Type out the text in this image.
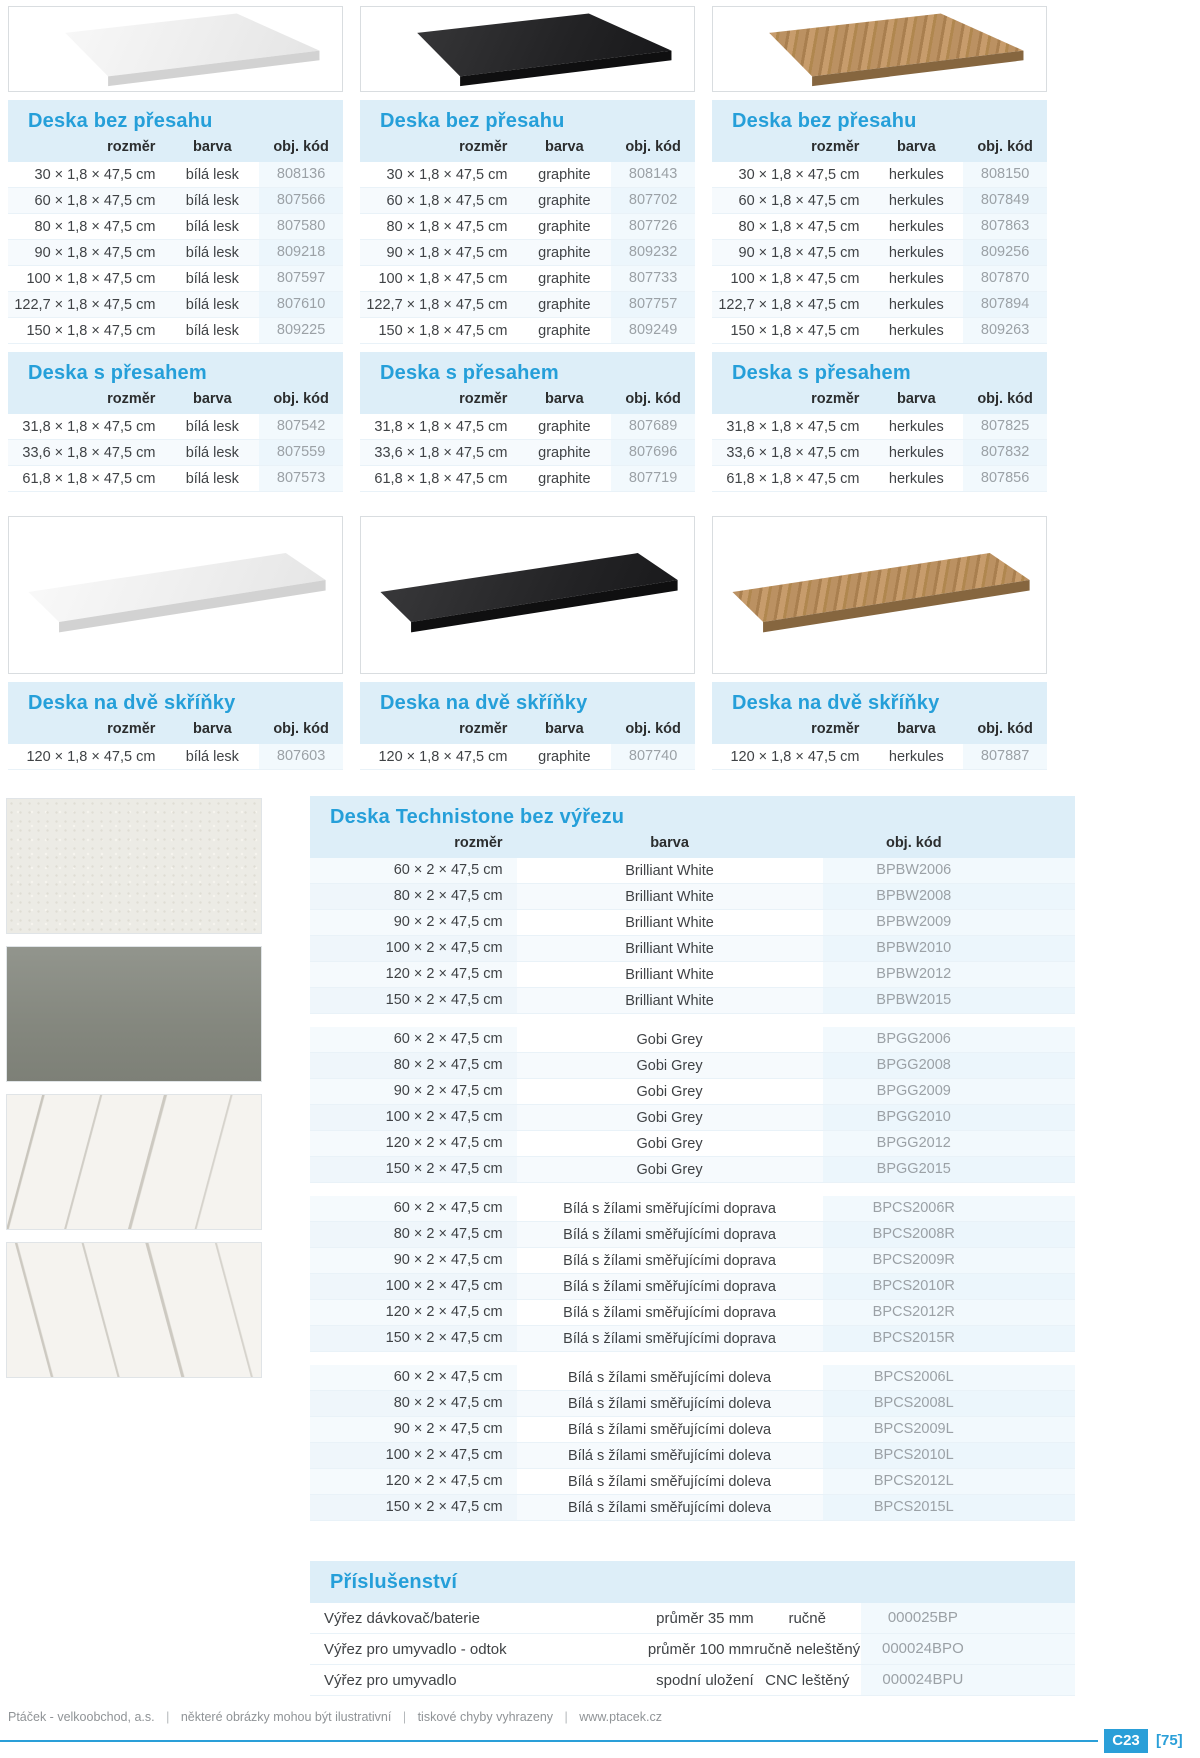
Deska bez přesahu
rozměr	barva	obj. kód
30 × 1,8 × 47,5 cm	bílá lesk	808136
60 × 1,8 × 47,5 cm	bílá lesk	807566
80 × 1,8 × 47,5 cm	bílá lesk	807580
90 × 1,8 × 47,5 cm	bílá lesk	809218
100 × 1,8 × 47,5 cm	bílá lesk	807597
122,7 × 1,8 × 47,5 cm	bílá lesk	807610
150 × 1,8 × 47,5 cm	bílá lesk	809225
Deska s přesahem
rozměr	barva	obj. kód
31,8 × 1,8 × 47,5 cm	bílá lesk	807542
33,6 × 1,8 × 47,5 cm	bílá lesk	807559
61,8 × 1,8 × 47,5 cm	bílá lesk	807573
Deska na dvě skříňky
rozměr	barva	obj. kód
120 × 1,8 × 47,5 cm	bílá lesk	807603
Deska bez přesahu
rozměr	barva	obj. kód
30 × 1,8 × 47,5 cm	graphite	808143
60 × 1,8 × 47,5 cm	graphite	807702
80 × 1,8 × 47,5 cm	graphite	807726
90 × 1,8 × 47,5 cm	graphite	809232
100 × 1,8 × 47,5 cm	graphite	807733
122,7 × 1,8 × 47,5 cm	graphite	807757
150 × 1,8 × 47,5 cm	graphite	809249
Deska s přesahem
rozměr	barva	obj. kód
31,8 × 1,8 × 47,5 cm	graphite	807689
33,6 × 1,8 × 47,5 cm	graphite	807696
61,8 × 1,8 × 47,5 cm	graphite	807719
Deska na dvě skříňky
rozměr	barva	obj. kód
120 × 1,8 × 47,5 cm	graphite	807740
Deska bez přesahu
rozměr	barva	obj. kód
30 × 1,8 × 47,5 cm	herkules	808150
60 × 1,8 × 47,5 cm	herkules	807849
80 × 1,8 × 47,5 cm	herkules	807863
90 × 1,8 × 47,5 cm	herkules	809256
100 × 1,8 × 47,5 cm	herkules	807870
122,7 × 1,8 × 47,5 cm	herkules	807894
150 × 1,8 × 47,5 cm	herkules	809263
Deska s přesahem
rozměr	barva	obj. kód
31,8 × 1,8 × 47,5 cm	herkules	807825
33,6 × 1,8 × 47,5 cm	herkules	807832
61,8 × 1,8 × 47,5 cm	herkules	807856
Deska na dvě skříňky
rozměr	barva	obj. kód
120 × 1,8 × 47,5 cm	herkules	807887
Deska Technistone bez výřezu
rozměr	barva	obj. kód
60 × 2 × 47,5 cm	Brilliant White	BPBW2006
80 × 2 × 47,5 cm	Brilliant White	BPBW2008
90 × 2 × 47,5 cm	Brilliant White	BPBW2009
100 × 2 × 47,5 cm	Brilliant White	BPBW2010
120 × 2 × 47,5 cm	Brilliant White	BPBW2012
150 × 2 × 47,5 cm	Brilliant White	BPBW2015
60 × 2 × 47,5 cm	Gobi Grey	BPGG2006
80 × 2 × 47,5 cm	Gobi Grey	BPGG2008
90 × 2 × 47,5 cm	Gobi Grey	BPGG2009
100 × 2 × 47,5 cm	Gobi Grey	BPGG2010
120 × 2 × 47,5 cm	Gobi Grey	BPGG2012
150 × 2 × 47,5 cm	Gobi Grey	BPGG2015
60 × 2 × 47,5 cm	Bílá s žílami směřujícími doprava	BPCS2006R
80 × 2 × 47,5 cm	Bílá s žílami směřujícími doprava	BPCS2008R
90 × 2 × 47,5 cm	Bílá s žílami směřujícími doprava	BPCS2009R
100 × 2 × 47,5 cm	Bílá s žílami směřujícími doprava	BPCS2010R
120 × 2 × 47,5 cm	Bílá s žílami směřujícími doprava	BPCS2012R
150 × 2 × 47,5 cm	Bílá s žílami směřujícími doprava	BPCS2015R
60 × 2 × 47,5 cm	Bílá s žílami směřujícími doleva	BPCS2006L
80 × 2 × 47,5 cm	Bílá s žílami směřujícími doleva	BPCS2008L
90 × 2 × 47,5 cm	Bílá s žílami směřujícími doleva	BPCS2009L
100 × 2 × 47,5 cm	Bílá s žílami směřujícími doleva	BPCS2010L
120 × 2 × 47,5 cm	Bílá s žílami směřujícími doleva	BPCS2012L
150 × 2 × 47,5 cm	Bílá s žílami směřujícími doleva	BPCS2015L
Příslušenství
Výřez dávkovač/baterie	průměr 35 mm	ručně	000025BP
Výřez pro umyvadlo - odtok	průměr 100 mm ručně neleštěný	000024BPO
Výřez pro umyvadlo	spodní uložení CNC leštěný	000024BPU
Ptáček - velkoobchod, a.s. | některé obrázky mohou být ilustrativní | tiskové chyby vyhrazeny | www.ptacek.cz
C23	[75]
